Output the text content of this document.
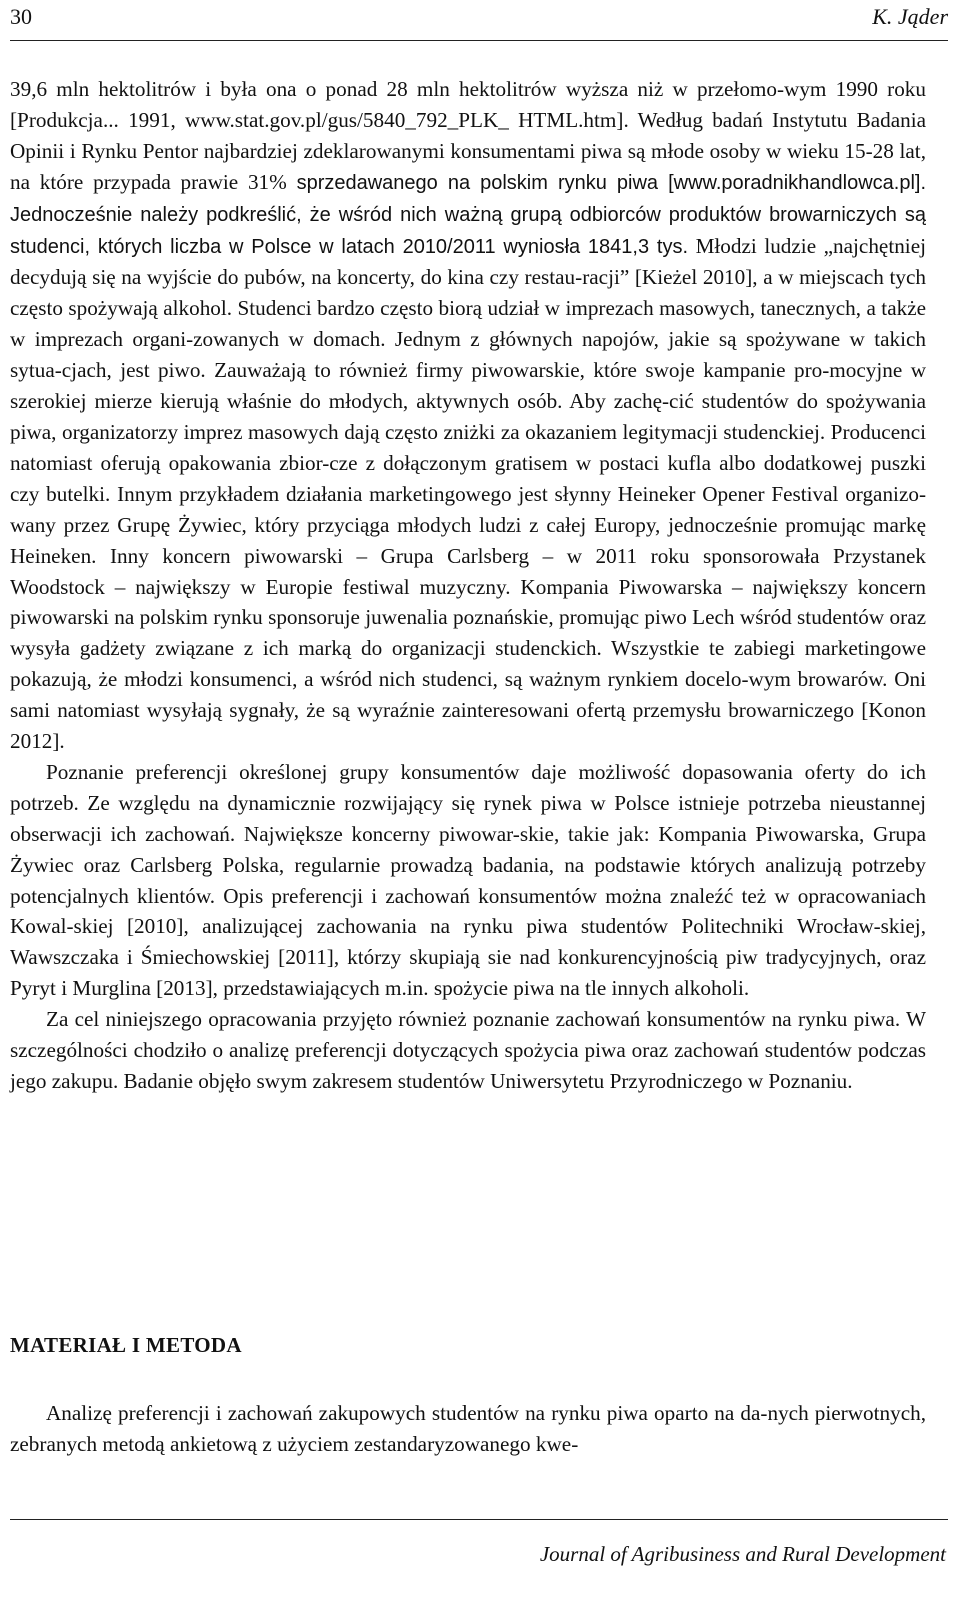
30	K. Jąder

39,6 mln hektolitrów i była ona o ponad 28 mln hektolitrów wyższa niż w przełomo-wym 1990 roku [Produkcja... 1991, www.stat.gov.pl/gus/5840_792_PLK_ HTML.htm]. Według badań Instytutu Badania Opinii i Rynku Pentor najbardziej zdeklarowanymi konsumentami piwa są młode osoby w wieku 15-28 lat, na które przypada prawie 31% sprzedawanego na polskim rynku piwa [www.poradnikhandlowca.pl]. Jednocześnie należy podkreślić, że wśród nich ważną grupą odbiorców produktów browarniczych są studenci, których liczba w Polsce w latach 2010/2011 wyniosła 1841,3 tys. Młodzi ludzie „najchętniej decydują się na wyjście do pubów, na koncerty, do kina czy restau-racji” [Kieżel 2010], a w miejscach tych często spożywają alkohol. Studenci bardzo często biorą udział w imprezach masowych, tanecznych, a także w imprezach organi-zowanych w domach. Jednym z głównych napojów, jakie są spożywane w takich sytua-cjach, jest piwo. Zauważają to również firmy piwowarskie, które swoje kampanie pro-mocyjne w szerokiej mierze kierują właśnie do młodych, aktywnych osób. Aby zachę-cić studentów do spożywania piwa, organizatorzy imprez masowych dają często zniżki za okazaniem legitymacji studenckiej. Producenci natomiast oferują opakowania zbior-cze z dołączonym gratisem w postaci kufla albo dodatkowej puszki czy butelki. Innym przykładem działania marketingowego jest słynny Heineker Opener Festival organizo-wany przez Grupę Żywiec, który przyciąga młodych ludzi z całej Europy, jednocześnie promując markę Heineken. Inny koncern piwowarski – Grupa Carlsberg – w 2011 roku sponsorowała Przystanek Woodstock – największy w Europie festiwal muzyczny. Kompania Piwowarska – największy koncern piwowarski na polskim rynku sponsoruje juwenalia poznańskie, promując piwo Lech wśród studentów oraz wysyła gadżety związane z ich marką do organizacji studenckich. Wszystkie te zabiegi marketingowe pokazują, że młodzi konsumenci, a wśród nich studenci, są ważnym rynkiem docelo-wym browarów. Oni sami natomiast wysyłają sygnały, że są wyraźnie zainteresowani ofertą przemysłu browarniczego [Konon 2012].

Poznanie preferencji określonej grupy konsumentów daje możliwość dopasowania oferty do ich potrzeb. Ze względu na dynamicznie rozwijający się rynek piwa w Polsce istnieje potrzeba nieustannej obserwacji ich zachowań. Największe koncerny piwowar-skie, takie jak: Kompania Piwowarska, Grupa Żywiec oraz Carlsberg Polska, regularnie prowadzą badania, na podstawie których analizują potrzeby potencjalnych klientów. Opis preferencji i zachowań konsumentów można znaleźć też w opracowaniach Kowal-skiej [2010], analizującej zachowania na rynku piwa studentów Politechniki Wrocław-skiej, Wawszczaka i Śmiechowskiej [2011], którzy skupiają sie nad konkurencyjnością piw tradycyjnych, oraz Pyryt i Murglina [2013], przedstawiających m.in. spożycie piwa na tle innych alkoholi.

Za cel niniejszego opracowania przyjęto również poznanie zachowań konsumentów na rynku piwa. W szczególności chodziło o analizę preferencji dotyczących spożycia piwa oraz zachowań studentów podczas jego zakupu. Badanie objęło swym zakresem studentów Uniwersytetu Przyrodniczego w Poznaniu.

MATERIAŁ I METODA

Analizę preferencji i zachowań zakupowych studentów na rynku piwa oparto na da-nych pierwotnych, zebranych metodą ankietową z użyciem zestandaryzowanego kwe-

Journal of Agribusiness and Rural Development
